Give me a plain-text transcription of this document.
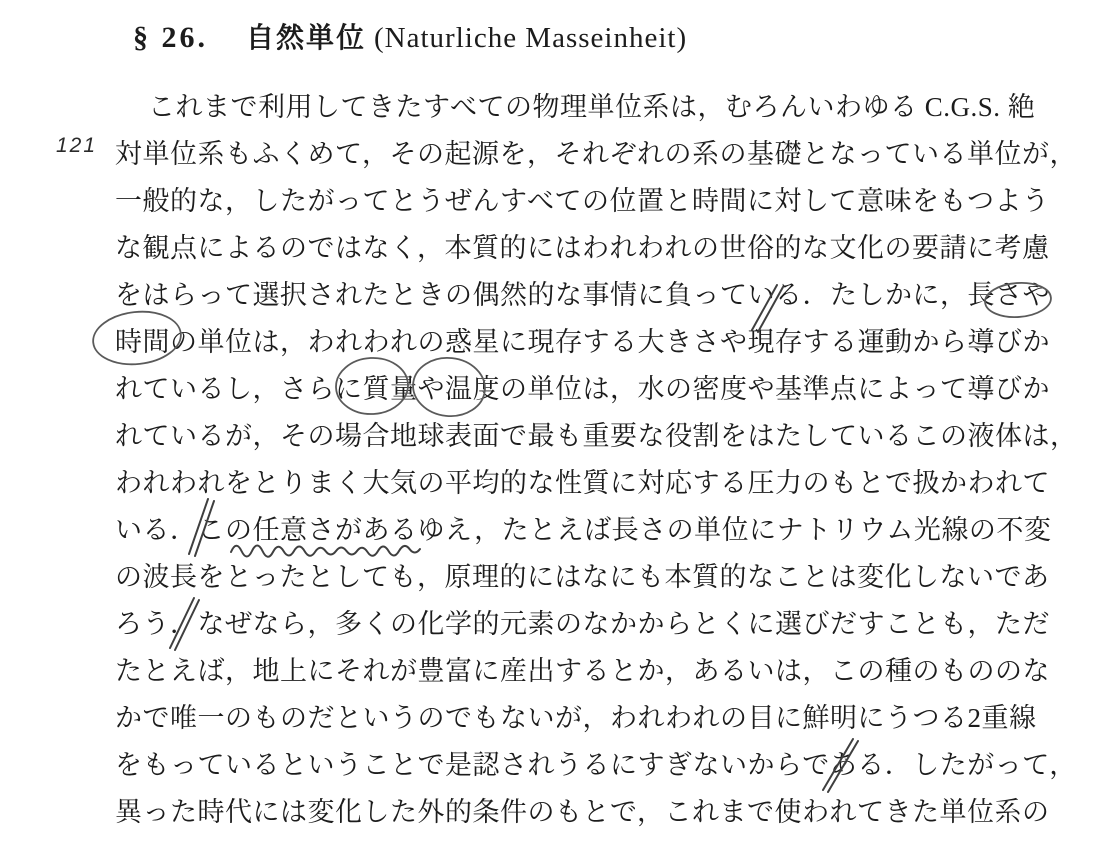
§ 26. 自然単位 (Naturliche Masseinheit)
121
これまで利用してきたすべての物理単位系は，むろんいわゆる C.G.S. 絶
対単位系もふくめて，その起源を，それぞれの系の基礎となっている単位が，
一般的な，したがってとうぜんすべての位置と時間に対して意味をもつよう
な観点によるのではなく，本質的にはわれわれの世俗的な文化の要請に考慮
をはらって選択されたときの偶然的な事情に負っている．たしかに，長さや
時間の単位は，われわれの惑星に現存する大きさや現存する運動から導びか
れているし，さらに質量や温度の単位は，水の密度や基準点によって導びか
れているが，その場合地球表面で最も重要な役割をはたしているこの液体は，
われわれをとりまく大気の平均的な性質に対応する圧力のもとで扱かわれて
いる．この任意さがあるゆえ，たとえば長さの単位にナトリウム光線の不変
の波長をとったとしても，原理的にはなにも本質的なことは変化しないであ
ろう．なぜなら，多くの化学的元素のなかからとくに選びだすことも，ただ
たとえば，地上にそれが豊富に産出するとか，あるいは，この種のもののな
かで唯一のものだというのでもないが，われわれの目に鮮明にうつる2重線
をもっているということで是認されうるにすぎないからである．したがって，
異った時代には変化した外的条件のもとで，これまで使われてきた単位系の
